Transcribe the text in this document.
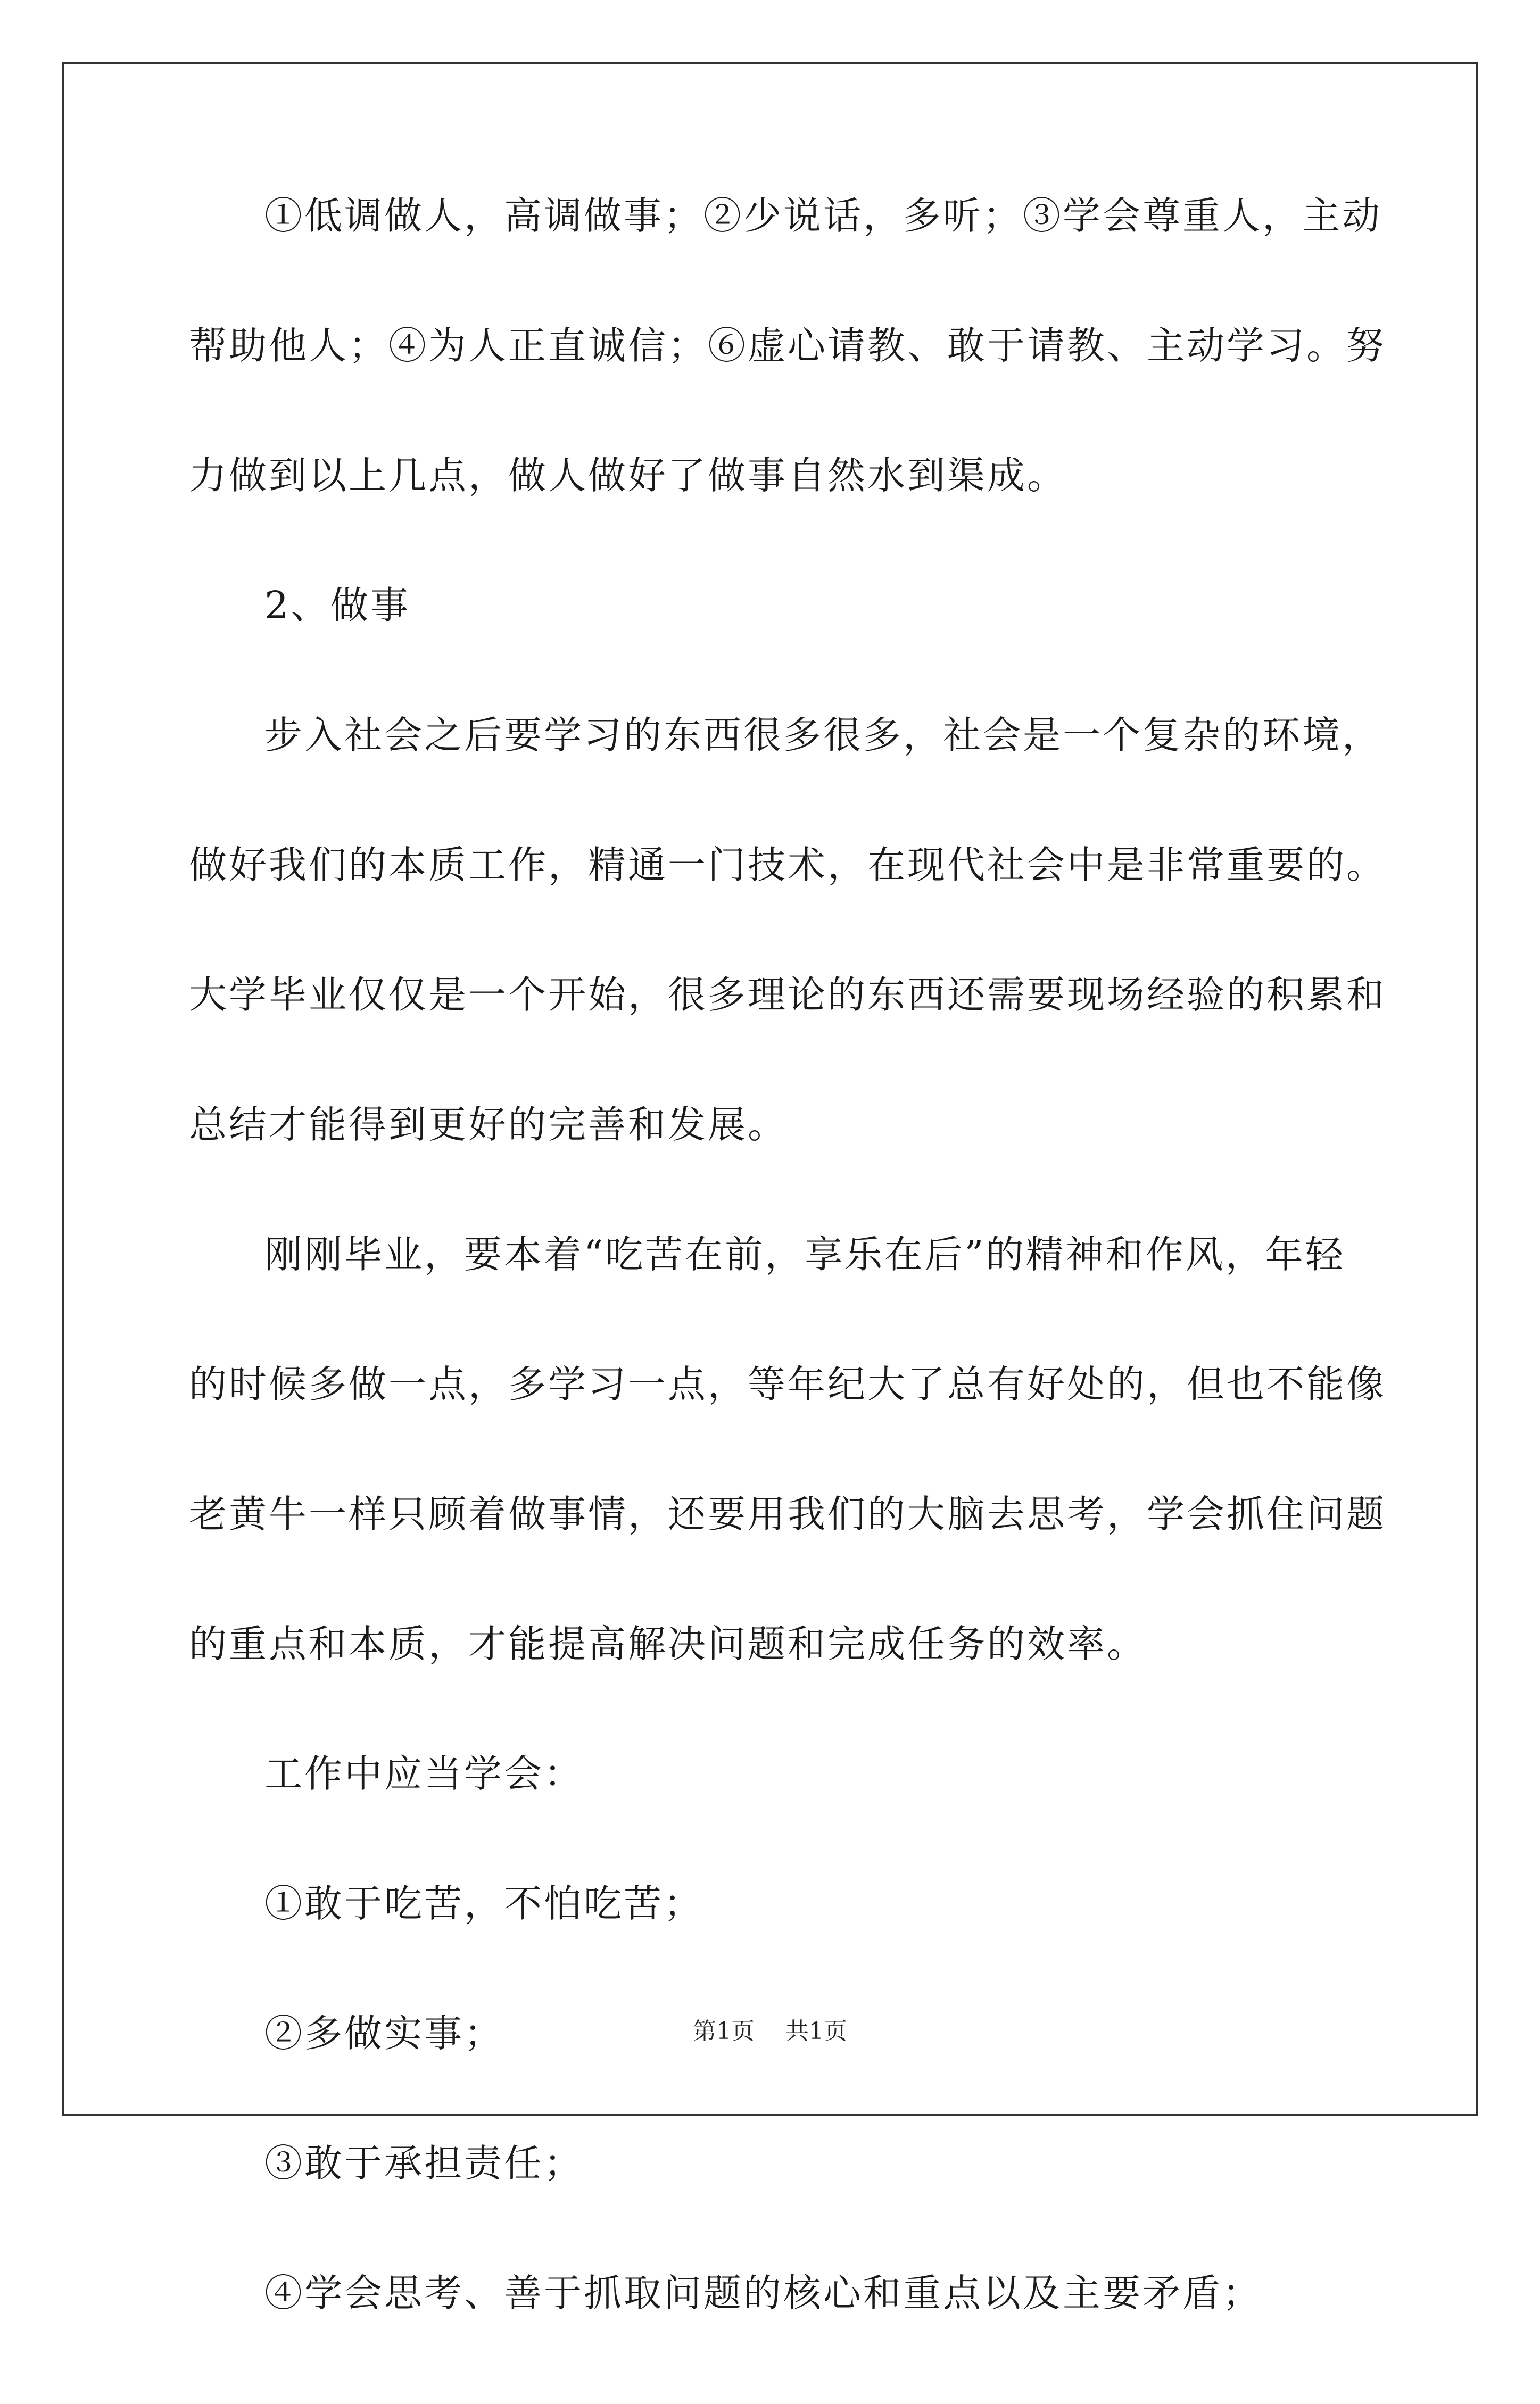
①低调做人，高调做事；②少说话，多听；③学会尊重人，主动
帮助他人；④为人正直诚信；⑥虚心请教、敢于请教、主动学习。努
力做到以上几点，做人做好了做事自然水到渠成。
2、做事
步入社会之后要学习的东西很多很多，社会是一个复杂的环境，
做好我们的本质工作，精通一门技术，在现代社会中是非常重要的。
大学毕业仅仅是一个开始，很多理论的东西还需要现场经验的积累和
总结才能得到更好的完善和发展。
刚刚毕业，要本着“吃苦在前，享乐在后”的精神和作风，年轻
的时候多做一点，多学习一点，等年纪大了总有好处的，但也不能像
老黄牛一样只顾着做事情，还要用我们的大脑去思考，学会抓住问题
的重点和本质，才能提高解决问题和完成任务的效率。
工作中应当学会：
①敢于吃苦，不怕吃苦；
②多做实事；
③敢于承担责任；
④学会思考、善于抓取问题的核心和重点以及主要矛盾；
第1页 共1页
